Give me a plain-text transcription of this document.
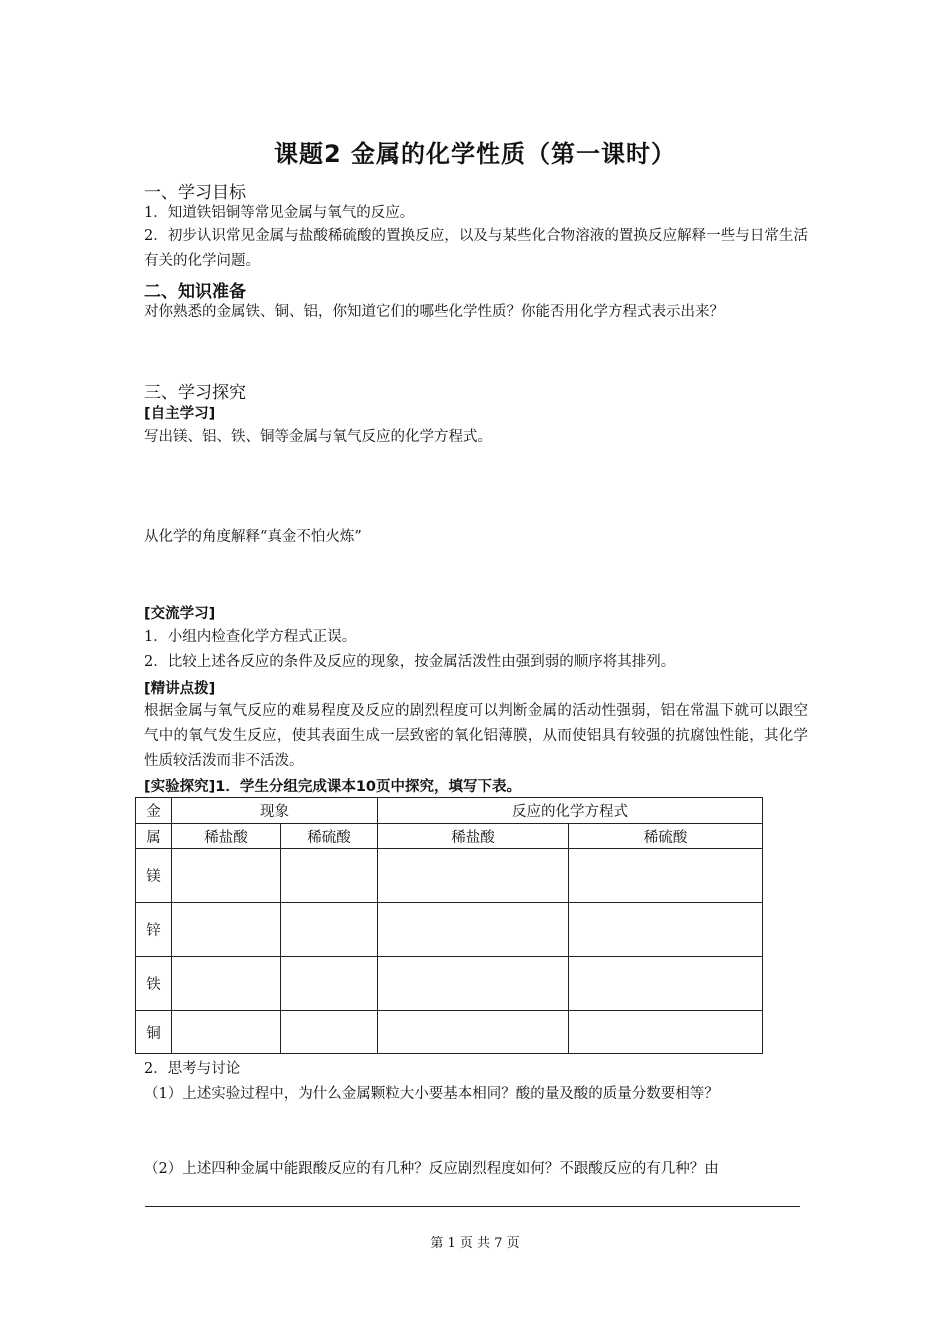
课题2 金属的化学性质（第一课时）
一、学习目标
1．知道铁铝铜等常见金属与氧气的反应。
2．初步认识常见金属与盐酸稀硫酸的置换反应，以及与某些化合物溶液的置换反应解释一些与日常生活有关的化学问题。
二、知识准备
对你熟悉的金属铁、铜、铝，你知道它们的哪些化学性质？你能否用化学方程式表示出来？
三、学习探究
[自主学习]
写出镁、铝、铁、铜等金属与氧气反应的化学方程式。
从化学的角度解释“真金不怕火炼”
[交流学习]
1．小组内检查化学方程式正误。
2．比较上述各反应的条件及反应的现象，按金属活泼性由强到弱的顺序将其排列。
[精讲点拨]
根据金属与氧气反应的难易程度及反应的剧烈程度可以判断金属的活动性强弱，铝在常温下就可以跟空气中的氧气发生反应，使其表面生成一层致密的氧化铝薄膜，从而使铝具有较强的抗腐蚀性能，其化学性质较活泼而非不活泼。
[实验探究]1．学生分组完成课本10页中探究，填写下表。
金	现象		反应的化学方程式	
属	稀盐酸	稀硫酸	稀盐酸	稀硫酸
镁				
锌				
铁				
铜				
2．思考与讨论
（1）上述实验过程中，为什么金属颗粒大小要基本相同？酸的量及酸的质量分数要相等？
（2）上述四种金属中能跟酸反应的有几种？反应剧烈程度如何？不跟酸反应的有几种？由
第 1 页 共 7 页
